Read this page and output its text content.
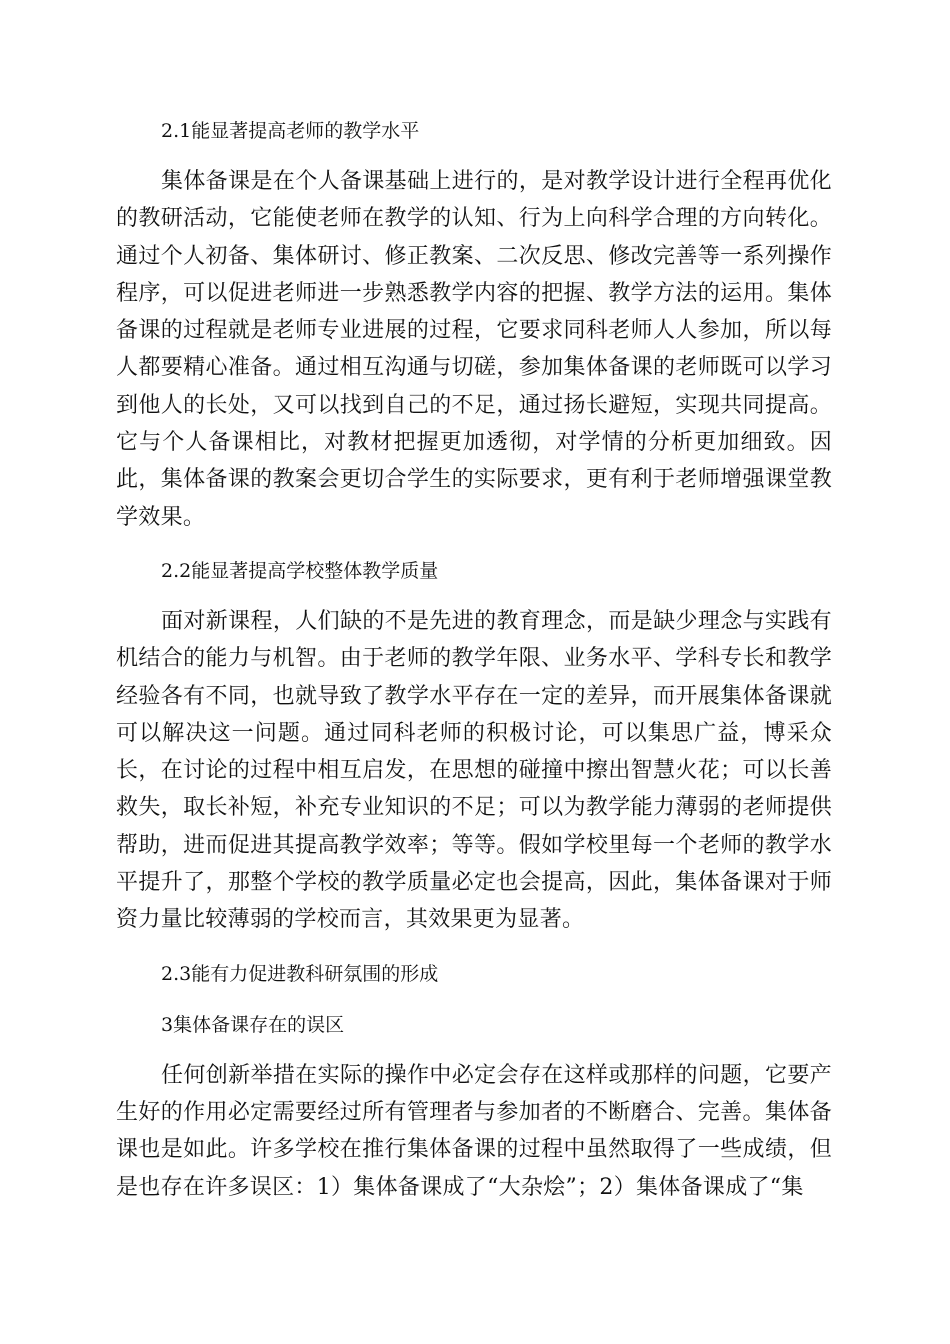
2.1能显著提高老师的教学水平

集体备课是在个人备课基础上进行的，是对教学设计进行全程再优化的教研活动，它能使老师在教学的认知、行为上向科学合理的方向转化。通过个人初备、集体研讨、修正教案、二次反思、修改完善等一系列操作程序，可以促进老师进一步熟悉教学内容的把握、教学方法的运用。集体备课的过程就是老师专业进展的过程，它要求同科老师人人参加，所以每人都要精心准备。通过相互沟通与切磋，参加集体备课的老师既可以学习到他人的长处，又可以找到自己的不足，通过扬长避短，实现共同提高。它与个人备课相比，对教材把握更加透彻，对学情的分析更加细致。因此，集体备课的教案会更切合学生的实际要求，更有利于老师增强课堂教学效果。

2.2能显著提高学校整体教学质量

面对新课程，人们缺的不是先进的教育理念，而是缺少理念与实践有机结合的能力与机智。由于老师的教学年限、业务水平、学科专长和教学经验各有不同，也就导致了教学水平存在一定的差异，而开展集体备课就可以解决这一问题。通过同科老师的积极讨论，可以集思广益，博采众长，在讨论的过程中相互启发，在思想的碰撞中擦出智慧火花；可以长善救失，取长补短，补充专业知识的不足；可以为教学能力薄弱的老师提供帮助，进而促进其提高教学效率；等等。假如学校里每一个老师的教学水平提升了，那整个学校的教学质量必定也会提高，因此，集体备课对于师资力量比较薄弱的学校而言，其效果更为显著。

2.3能有力促进教科研氛围的形成
3集体备课存在的误区

任何创新举措在实际的操作中必定会存在这样或那样的问题，它要产生好的作用必定需要经过所有管理者与参加者的不断磨合、完善。集体备课也是如此。许多学校在推行集体备课的过程中虽然取得了一些成绩，但是也存在许多误区：1）集体备课成了“大杂烩”；2）集体备课成了“集
